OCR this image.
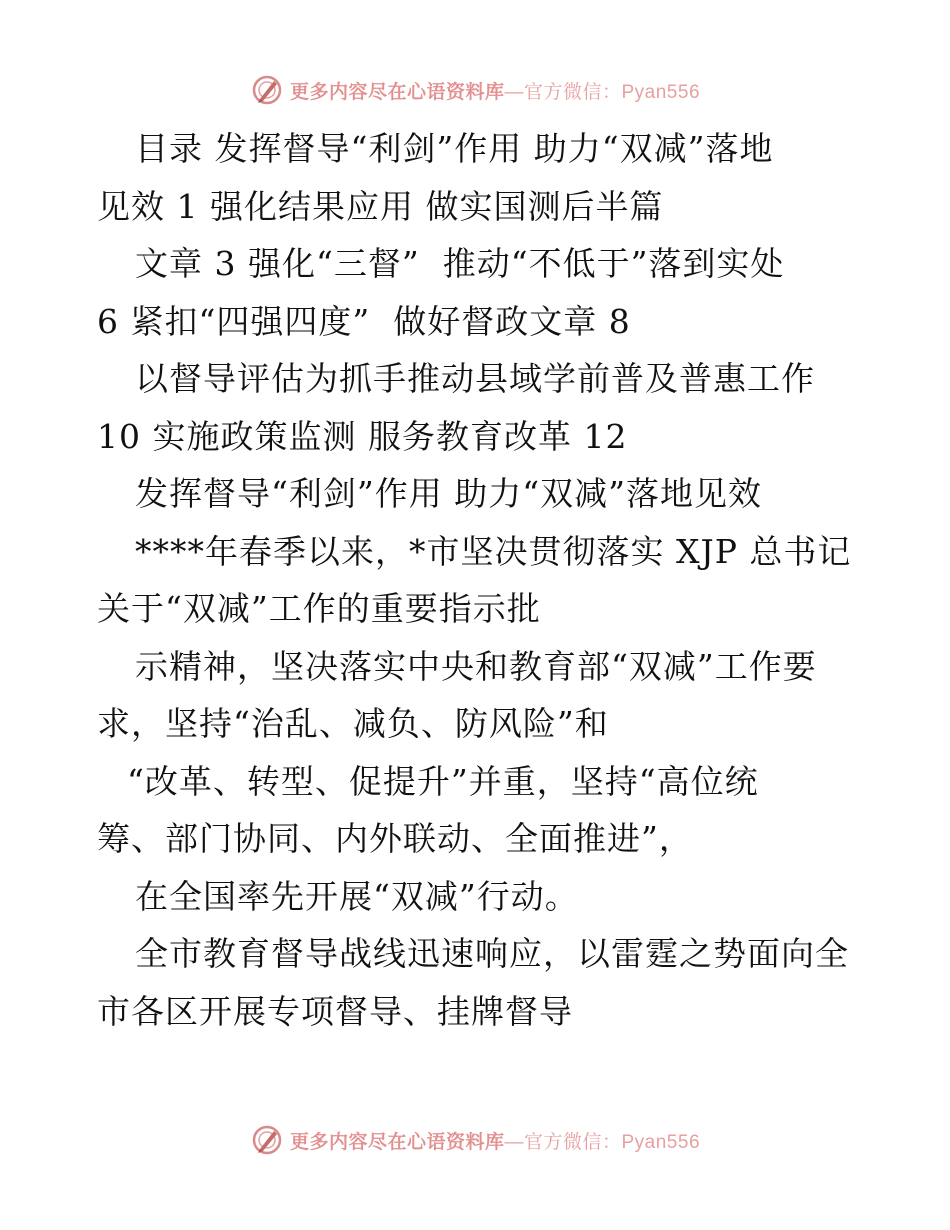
更多内容尽在心语资料库—官方微信：Pyan556
目录 发挥督导“利剑”作用 助力“双减”落地
见效 1 强化结果应用 做实国测后半篇
文章 3 强化“三督”  推动“不低于”落到实处
6 紧扣“四强四度”  做好督政文章 8
以督导评估为抓手推动县域学前普及普惠工作
10 实施政策监测 服务教育改革 12
发挥督导“利剑”作用 助力“双减”落地见效
****年春季以来，*市坚决贯彻落实 XJP 总书记
关于“双减”工作的重要指示批
示精神，坚决落实中央和教育部“双减”工作要
求，坚持“治乱、减负、防风险”和
“改革、转型、促提升”并重，坚持“高位统
筹、部门协同、内外联动、全面推进”，
在全国率先开展“双减”行动。
全市教育督导战线迅速响应，以雷霆之势面向全
市各区开展专项督导、挂牌督导
更多内容尽在心语资料库—官方微信：Pyan556
